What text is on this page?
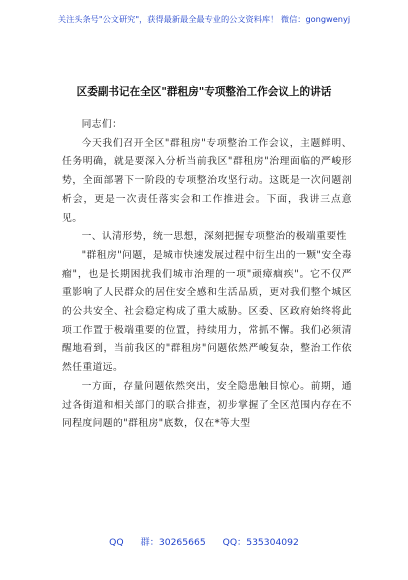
关注头条号"公文研究"，获得最新最全最专业的公文资料库！ 微信：gongwenyj
区委副书记在全区"群租房"专项整治工作会议上的讲话

同志们：

今天我们召开全区"群租房"专项整治工作会议，主题鲜明、任务明确，就是要深入分析当前我区"群租房"治理面临的严峻形势，全面部署下一阶段的专项整治攻坚行动。这既是一次问题剖析会，更是一次责任落实会和工作推进会。下面，我讲三点意见。

一、认清形势，统一思想，深刻把握专项整治的极端重要性

"群租房"问题，是城市快速发展过程中衍生出的一颗"安全毒瘤"，也是长期困扰我们城市治理的一项"顽瘴痼疾"。它不仅严重影响了人民群众的居住安全感和生活品质，更对我们整个城区的公共安全、社会稳定构成了重大威胁。区委、区政府始终将此项工作置于极端重要的位置，持续用力，常抓不懈。我们必须清醒地看到，当前我区的"群租房"问题依然严峻复杂，整治工作依然任重道远。

一方面，存量问题依然突出，安全隐患触目惊心。前期，通过各街道和相关部门的联合排查，初步掌握了全区范围内存在不同程度问题的"群租房"底数，仅在*等大型

QQ 群：30265665 QQ：535304092
